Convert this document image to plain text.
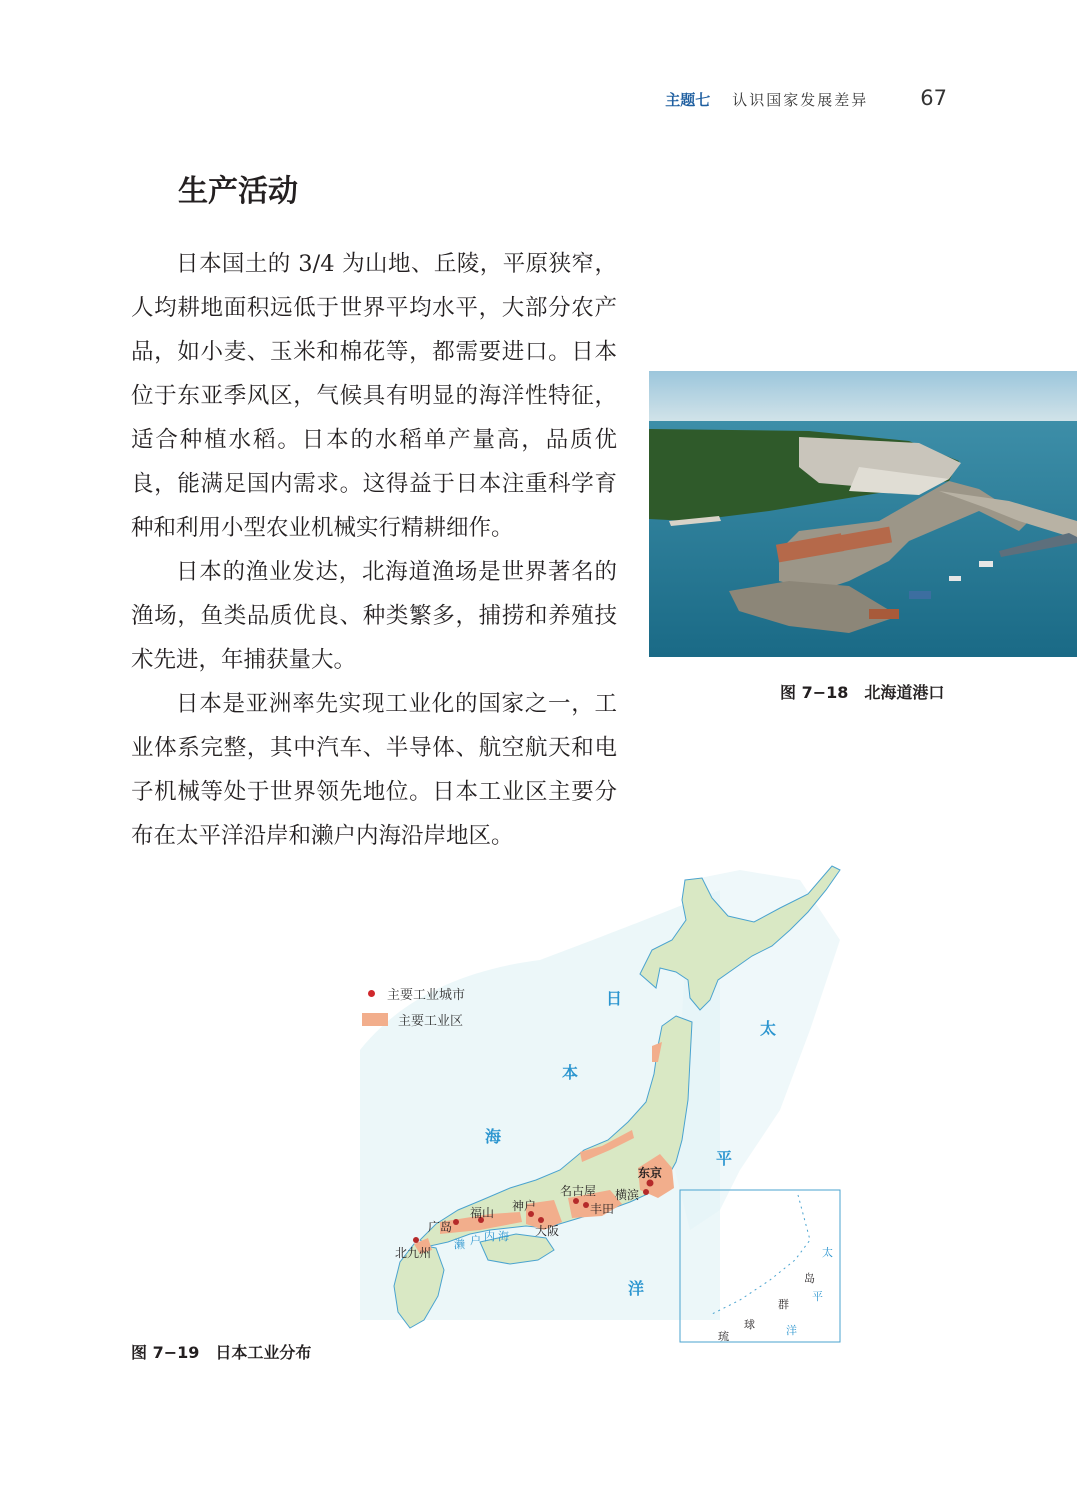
主题七 认识国家发展差异 67
生产活动

日本国土的 3/4 为山地、丘陵，平原狭窄，人均耕地面积远低于世界平均水平，大部分农产品，如小麦、玉米和棉花等，都需要进口。日本位于东亚季风区，气候具有明显的海洋性特征，适合种植水稻。日本的水稻单产量高，品质优良，能满足国内需求。这得益于日本注重科学育种和利用小型农业机械实行精耕细作。

日本的渔业发达，北海道渔场是世界著名的渔场，鱼类品质优良、种类繁多，捕捞和养殖技术先进，年捕获量大。

日本是亚洲率先实现工业化的国家之一，工业体系完整，其中汽车、半导体、航空航天和电子机械等处于世界领先地位。日本工业区主要分布在太平洋沿岸和濑户内海沿岸地区。

图 7−18　北海道港口
主要工业城市
主要工业区
东京
横滨
名古屋
丰田
神户
大阪
福山
广岛
北九州
日
本
海
太
平
洋
太
平
洋
琉
球
群
岛
濑 户 内 海
图 7−19　日本工业分布
